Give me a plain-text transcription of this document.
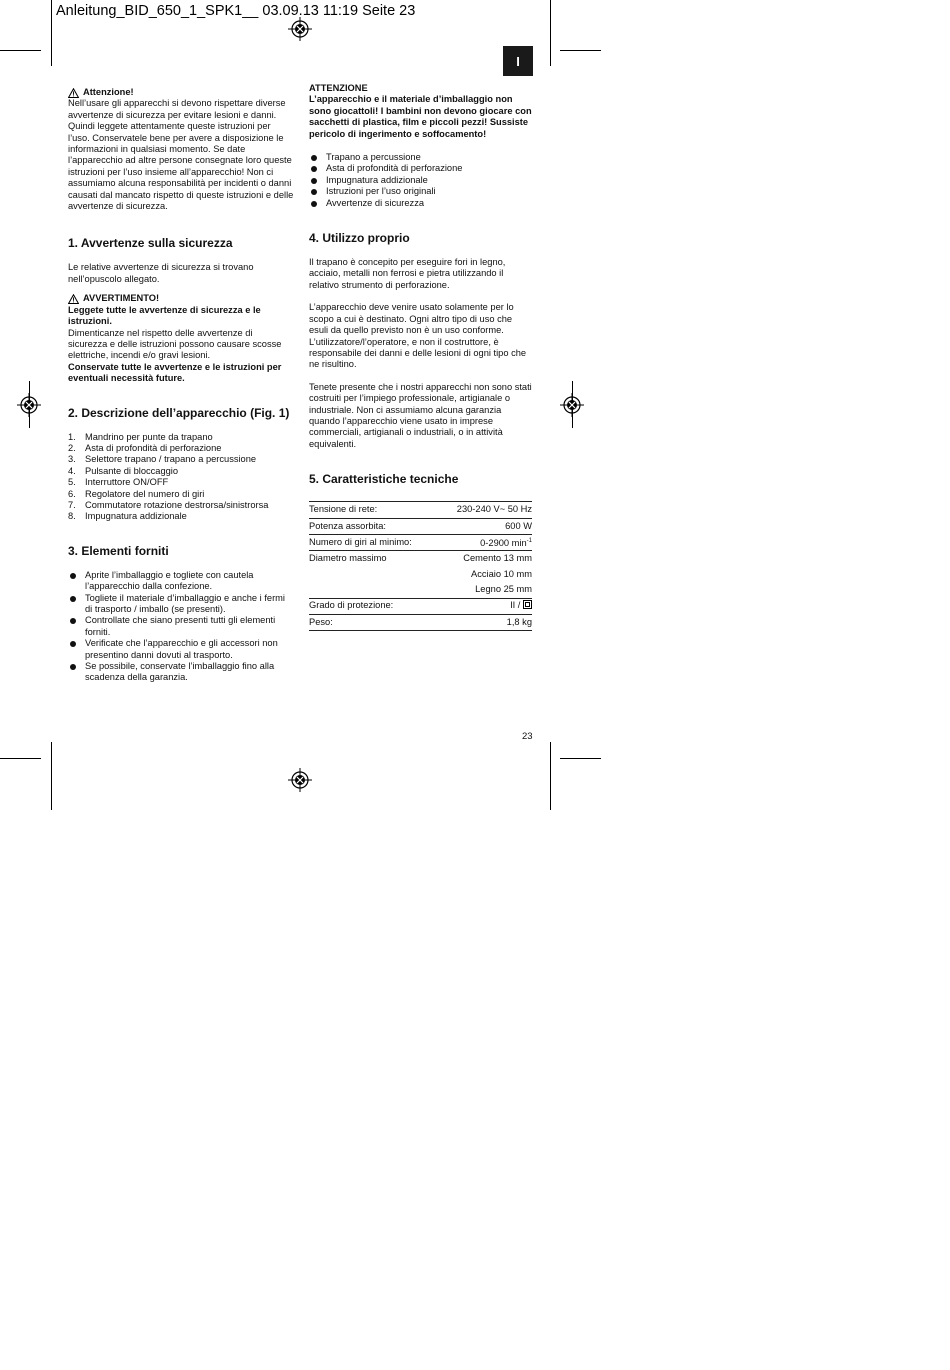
Anleitung_BID_650_1_SPK1__ 03.09.13 11:19 Seite 23
I
Attenzione!

Nell’usare gli apparecchi si devono rispettare diverse avvertenze di sicurezza per evitare lesioni e danni. Quindi leggete attentamente queste istruzioni per l’uso. Conservatele bene per avere a disposizione le informazioni in qualsiasi momento. Se date l’apparecchio ad altre persone consegnate loro queste istruzioni per l’uso insieme all’apparecchio! Non ci assumiamo alcuna responsabilità per incidenti o danni causati dal mancato rispetto di queste istruzioni e delle avvertenze di sicurezza.

1. Avvertenze sulla sicurezza

Le relative avvertenze di sicurezza si trovano nell’opuscolo allegato.

AVVERTIMENTO!

Leggete tutte le avvertenze di sicurezza e le istruzioni.

Dimenticanze nel rispetto delle avvertenze di sicurezza e delle istruzioni possono causare scosse elettriche, incendi e/o gravi lesioni.

Conservate tutte le avvertenze e le istruzioni per eventuali necessità future.

2. Descrizione dell’apparecchio (Fig. 1)
1. Mandrino per punte da trapano
2. Asta di profondità di perforazione
3. Selettore trapano / trapano a percussione
4. Pulsante di bloccaggio
5. Interruttore ON/OFF
6. Regolatore del numero di giri
7. Commutatore rotazione destrorsa/sinistrorsa
8. Impugnatura addizionale
3. Elementi forniti
Aprite l’imballaggio e togliete con cautela l’apparecchio dalla confezione.
Togliete il materiale d’imballaggio e anche i fermi di trasporto / imballo (se presenti).
Controllate che siano presenti tutti gli elementi forniti.
Verificate che l’apparecchio e gli accessori non presentino danni dovuti al trasporto.
Se possibile, conservate l’imballaggio fino alla scadenza della garanzia.

ATTENZIONE

L’apparecchio e il materiale d’imballaggio non sono giocattoli! I bambini non devono giocare con sacchetti di plastica, film e piccoli pezzi! Sussiste pericolo di ingerimento e soffocamento!

Trapano a percussione
Asta di profondità di perforazione
Impugnatura addizionale
Istruzioni per l’uso originali
Avvertenze di sicurezza
4. Utilizzo proprio

Il trapano è concepito per eseguire fori in legno, acciaio, metalli non ferrosi e pietra utilizzando il relativo strumento di perforazione.

L’apparecchio deve venire usato solamente per lo scopo a cui è destinato. Ogni altro tipo di uso che esuli da quello previsto non è un uso conforme. L’utilizzatore/l’operatore, e non il costruttore, è responsabile dei danni e delle lesioni di ogni tipo che ne risultino.

Tenete presente che i nostri apparecchi non sono stati costruiti per l’impiego professionale, artigianale o industriale. Non ci assumiamo alcuna garanzia quando l’apparecchio viene usato in imprese commerciali, artigianali o industriali, o in attività equivalenti.

5. Caratteristiche tecniche
Tensione di rete:	230-240 V~ 50 Hz
Potenza assorbita:	600 W
Numero di giri al minimo:	0-2900 $\min^{-1}$
Diametro massimo	Cemento 13 mm
	Acciaio 10 mm
	Legno 25 mm
Grado di protezione:	II /
Peso:	1,8 kg
23
